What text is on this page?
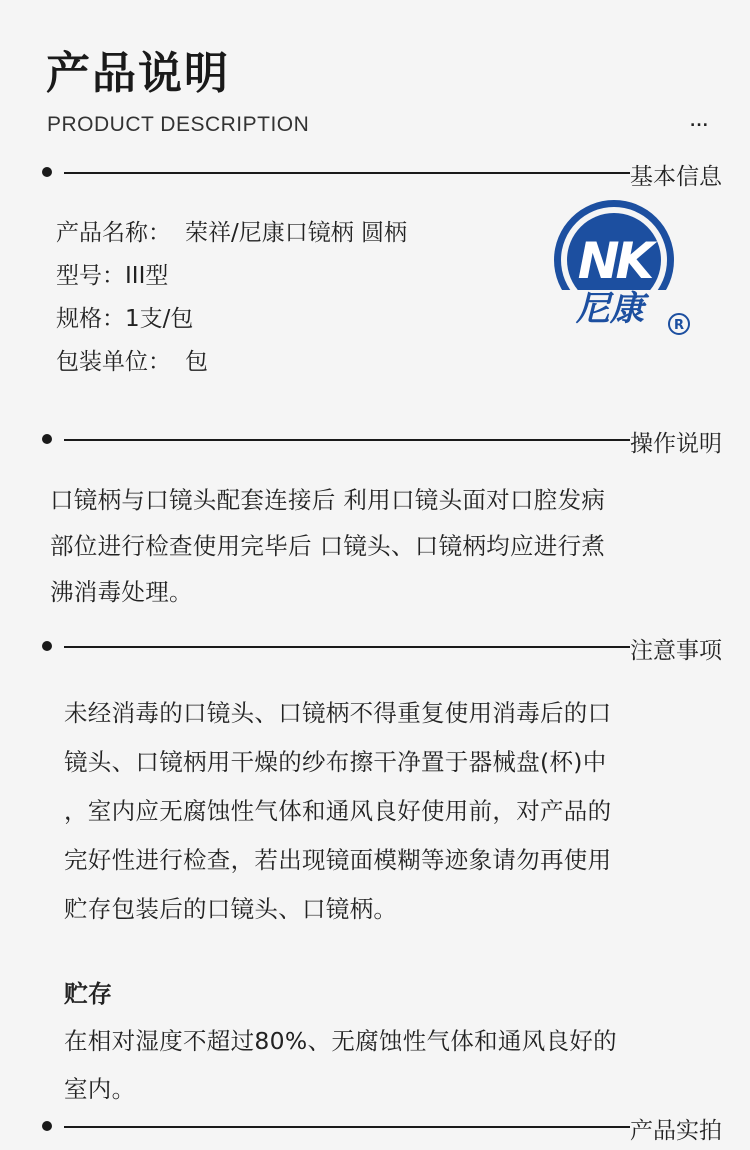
产品说明
PRODUCT DESCRIPTION	...
基本信息
产品名称： 荣祥/尼康口镜柄 圆柄
型号：III型
规格：1支/包
包装单位： 包
NK
尼康	R
操作说明
口镜柄与口镜头配套连接后 利用口镜头面对口腔发病
部位进行检查使用完毕后 口镜头、口镜柄均应进行煮
沸消毒处理。
注意事项
未经消毒的口镜头、口镜柄不得重复使用消毒后的口
镜头、口镜柄用干燥的纱布擦干净置于器械盘(杯)中
，室内应无腐蚀性气体和通风良好使用前，对产品的
完好性进行检查，若出现镜面模糊等迹象请勿再使用
贮存包装后的口镜头、口镜柄。
贮存
在相对湿度不超过80%、无腐蚀性气体和通风良好的
室内。
产品实拍
